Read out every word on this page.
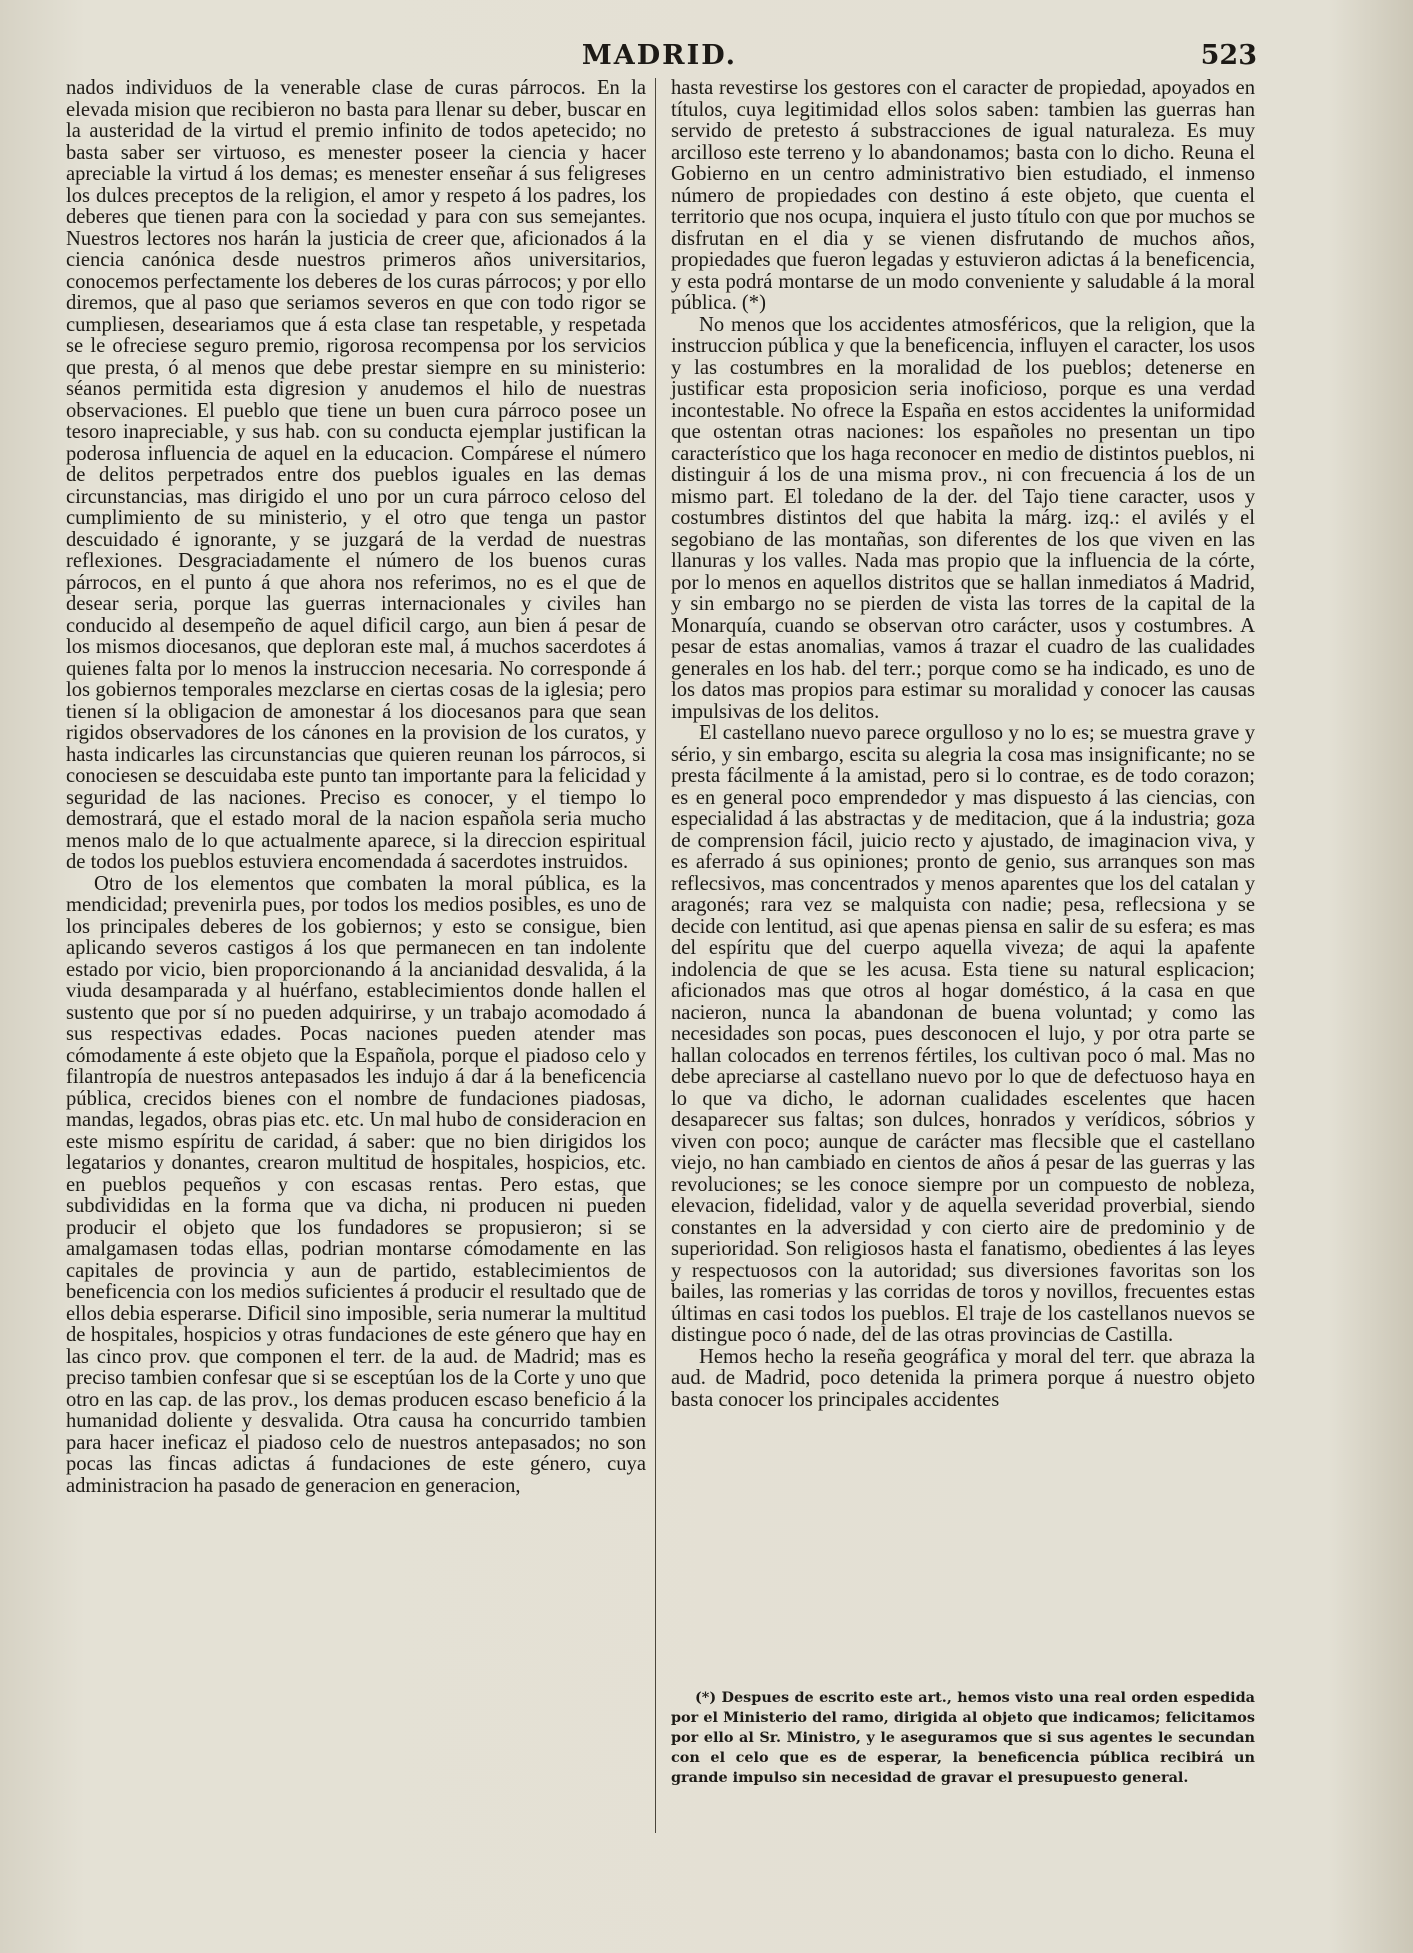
MADRID.	523

nados individuos de la venerable clase de curas párrocos. En la elevada mision que recibieron no basta para llenar su deber, buscar en la austeridad de la virtud el premio infinito de todos apetecido; no basta saber ser virtuoso, es menester poseer la ciencia y hacer apreciable la virtud á los demas; es menester enseñar á sus feligreses los dulces preceptos de la religion, el amor y respeto á los padres, los deberes que tienen para con la sociedad y para con sus semejantes. Nuestros lectores nos harán la justicia de creer que, aficionados á la ciencia canónica desde nuestros primeros años universitarios, conocemos perfectamente los deberes de los curas párrocos; y por ello diremos, que al paso que seriamos severos en que con todo rigor se cumpliesen, deseariamos que á esta clase tan respetable, y respetada se le ofreciese seguro premio, rigorosa recompensa por los servicios que presta, ó al menos que debe prestar siempre en su ministerio: séanos permitida esta digresion y anudemos el hilo de nuestras observaciones. El pueblo que tiene un buen cura párroco posee un tesoro inapreciable, y sus hab. con su conducta ejemplar justifican la poderosa influencia de aquel en la educacion. Compárese el número de delitos perpetrados entre dos pueblos iguales en las demas circunstancias, mas dirigido el uno por un cura párroco celoso del cumplimiento de su ministerio, y el otro que tenga un pastor descuidado é ignorante, y se juzgará de la verdad de nuestras reflexiones. Desgraciadamente el número de los buenos curas párrocos, en el punto á que ahora nos referimos, no es el que de desear seria, porque las guerras internacionales y civiles han conducido al desempeño de aquel dificil cargo, aun bien á pesar de los mismos diocesanos, que deploran este mal, á muchos sacerdotes á quienes falta por lo menos la instruccion necesaria. No corresponde á los gobiernos temporales mezclarse en ciertas cosas de la iglesia; pero tienen sí la obligacion de amonestar á los diocesanos para que sean rigidos observadores de los cánones en la provision de los curatos, y hasta indicarles las circunstancias que quieren reunan los párrocos, si conociesen se descuidaba este punto tan importante para la felicidad y seguridad de las naciones. Preciso es conocer, y el tiempo lo demostrará, que el estado moral de la nacion española seria mucho menos malo de lo que actualmente aparece, si la direccion espiritual de todos los pueblos estuviera encomendada á sacerdotes instruidos.

Otro de los elementos que combaten la moral pública, es la mendicidad; prevenirla pues, por todos los medios posibles, es uno de los principales deberes de los gobiernos; y esto se consigue, bien aplicando severos castigos á los que permanecen en tan indolente estado por vicio, bien proporcionando á la ancianidad desvalida, á la viuda desamparada y al huérfano, establecimientos donde hallen el sustento que por sí no pueden adquirirse, y un trabajo acomodado á sus respectivas edades. Pocas naciones pueden atender mas cómodamente á este objeto que la Española, porque el piadoso celo y filantropía de nuestros antepasados les indujo á dar á la beneficencia pública, crecidos bienes con el nombre de fundaciones piadosas, mandas, legados, obras pias etc. etc. Un mal hubo de consideracion en este mismo espíritu de caridad, á saber: que no bien dirigidos los legatarios y donantes, crearon multitud de hospitales, hospicios, etc. en pueblos pequeños y con escasas rentas. Pero estas, que subdivididas en la forma que va dicha, ni producen ni pueden producir el objeto que los fundadores se propusieron; si se amalgamasen todas ellas, podrian montarse cómodamente en las capitales de provincia y aun de partido, establecimientos de beneficencia con los medios suficientes á producir el resultado que de ellos debia esperarse. Dificil sino imposible, seria numerar la multitud de hospitales, hospicios y otras fundaciones de este género que hay en las cinco prov. que componen el terr. de la aud. de Madrid; mas es preciso tambien confesar que si se esceptúan los de la Corte y uno que otro en las cap. de las prov., los demas producen escaso beneficio á la humanidad doliente y desvalida. Otra causa ha concurrido tambien para hacer ineficaz el piadoso celo de nuestros antepasados; no son pocas las fincas adictas á fundaciones de este género, cuya administracion ha pasado de generacion en generacion,

hasta revestirse los gestores con el caracter de propiedad, apoyados en títulos, cuya legitimidad ellos solos saben: tambien las guerras han servido de pretesto á substracciones de igual naturaleza. Es muy arcilloso este terreno y lo abandonamos; basta con lo dicho. Reuna el Gobierno en un centro administrativo bien estudiado, el inmenso número de propiedades con destino á este objeto, que cuenta el territorio que nos ocupa, inquiera el justo título con que por muchos se disfrutan en el dia y se vienen disfrutando de muchos años, propiedades que fueron legadas y estuvieron adictas á la beneficencia, y esta podrá montarse de un modo conveniente y saludable á la moral pública. (*)

No menos que los accidentes atmosféricos, que la religion, que la instruccion pública y que la beneficencia, influyen el caracter, los usos y las costumbres en la moralidad de los pueblos; detenerse en justificar esta proposicion seria inoficioso, porque es una verdad incontestable. No ofrece la España en estos accidentes la uniformidad que ostentan otras naciones: los españoles no presentan un tipo característico que los haga reconocer en medio de distintos pueblos, ni distinguir á los de una misma prov., ni con frecuencia á los de un mismo part. El toledano de la der. del Tajo tiene caracter, usos y costumbres distintos del que habita la márg. izq.: el avilés y el segobiano de las montañas, son diferentes de los que viven en las llanuras y los valles. Nada mas propio que la influencia de la córte, por lo menos en aquellos distritos que se hallan inmediatos á Madrid, y sin embargo no se pierden de vista las torres de la capital de la Monarquía, cuando se observan otro carácter, usos y costumbres. A pesar de estas anomalias, vamos á trazar el cuadro de las cualidades generales en los hab. del terr.; porque como se ha indicado, es uno de los datos mas propios para estimar su moralidad y conocer las causas impulsivas de los delitos.

El castellano nuevo parece orgulloso y no lo es; se muestra grave y sério, y sin embargo, escita su alegria la cosa mas insignificante; no se presta fácilmente á la amistad, pero si lo contrae, es de todo corazon; es en general poco emprendedor y mas dispuesto á las ciencias, con especialidad á las abstractas y de meditacion, que á la industria; goza de comprension fácil, juicio recto y ajustado, de imaginacion viva, y es aferrado á sus opiniones; pronto de genio, sus arranques son mas reflecsivos, mas concentrados y menos aparentes que los del catalan y aragonés; rara vez se malquista con nadie; pesa, reflecsiona y se decide con lentitud, asi que apenas piensa en salir de su esfera; es mas del espíritu que del cuerpo aquella viveza; de aqui la apafente indolencia de que se les acusa. Esta tiene su natural esplicacion; aficionados mas que otros al hogar doméstico, á la casa en que nacieron, nunca la abandonan de buena voluntad; y como las necesidades son pocas, pues desconocen el lujo, y por otra parte se hallan colocados en terrenos fértiles, los cultivan poco ó mal. Mas no debe apreciarse al castellano nuevo por lo que de defectuoso haya en lo que va dicho, le adornan cualidades escelentes que hacen desaparecer sus faltas; son dulces, honrados y verídicos, sóbrios y viven con poco; aunque de carácter mas flecsible que el castellano viejo, no han cambiado en cientos de años á pesar de las guerras y las revoluciones; se les conoce siempre por un compuesto de nobleza, elevacion, fidelidad, valor y de aquella severidad proverbial, siendo constantes en la adversidad y con cierto aire de predominio y de superioridad. Son religiosos hasta el fanatismo, obedientes á las leyes y respectuosos con la autoridad; sus diversiones favoritas son los bailes, las romerias y las corridas de toros y novillos, frecuentes estas últimas en casi todos los pueblos. El traje de los castellanos nuevos se distingue poco ó nade, del de las otras provincias de Castilla.

Hemos hecho la reseña geográfica y moral del terr. que abraza la aud. de Madrid, poco detenida la primera porque á nuestro objeto basta conocer los principales accidentes

(*) Despues de escrito este art., hemos visto una real orden espedida por el Ministerio del ramo, dirigida al objeto que indicamos; felicitamos por ello al Sr. Ministro, y le aseguramos que si sus agentes le secundan con el celo que es de esperar, la beneficencia pública recibirá un grande impulso sin necesidad de gravar el presupuesto general.
